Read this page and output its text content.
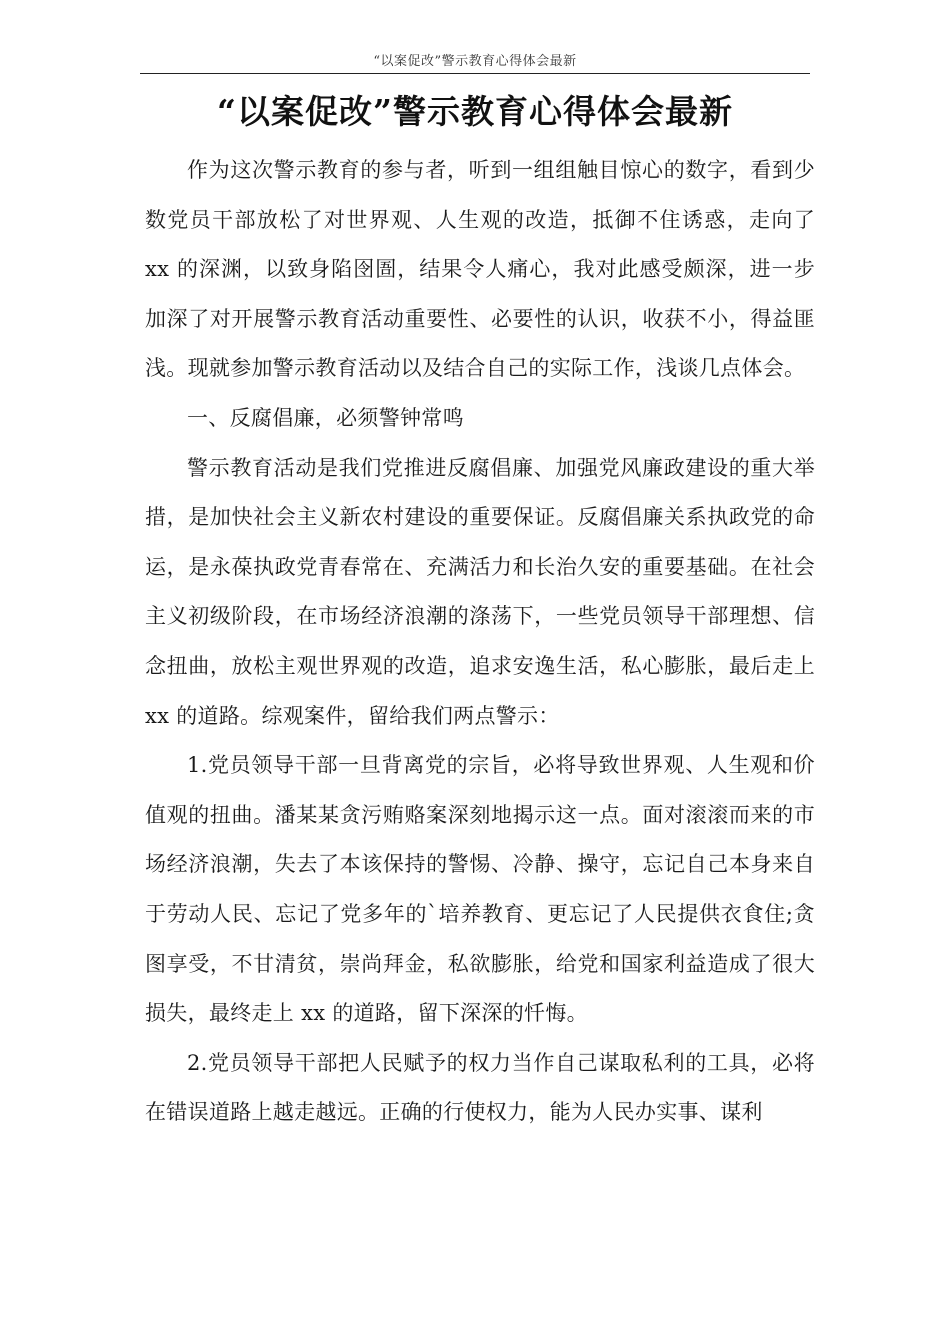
“以案促改”警示教育心得体会最新
“以案促改”警示教育心得体会最新

作为这次警示教育的参与者，听到一组组触目惊心的数字，看到少数党员干部放松了对世界观、人生观的改造，抵御不住诱惑，走向了 xx 的深渊，以致身陷囹圄，结果令人痛心，我对此感受颇深，进一步加深了对开展警示教育活动重要性、必要性的认识，收获不小，得益匪浅。现就参加警示教育活动以及结合自己的实际工作，浅谈几点体会。

一、反腐倡廉，必须警钟常鸣

警示教育活动是我们党推进反腐倡廉、加强党风廉政建设的重大举措，是加快社会主义新农村建设的重要保证。反腐倡廉关系执政党的命运，是永葆执政党青春常在、充满活力和长治久安的重要基础。在社会主义初级阶段，在市场经济浪潮的涤荡下，一些党员领导干部理想、信念扭曲，放松主观世界观的改造，追求安逸生活，私心膨胀，最后走上 xx 的道路。综观案件，留给我们两点警示：

1.党员领导干部一旦背离党的宗旨，必将导致世界观、人生观和价值观的扭曲。潘某某贪污贿赂案深刻地揭示这一点。面对滚滚而来的市场经济浪潮，失去了本该保持的警惕、冷静、操守，忘记自己本身来自于劳动人民、忘记了党多年的`培养教育、更忘记了人民提供衣食住;贪图享受，不甘清贫，崇尚拜金，私欲膨胀，给党和国家利益造成了很大损失，最终走上 xx 的道路，留下深深的忏悔。

2.党员领导干部把人民赋予的权力当作自己谋取私利的工具，必将在错误道路上越走越远。正确的行使权力，能为人民办实事、谋利
